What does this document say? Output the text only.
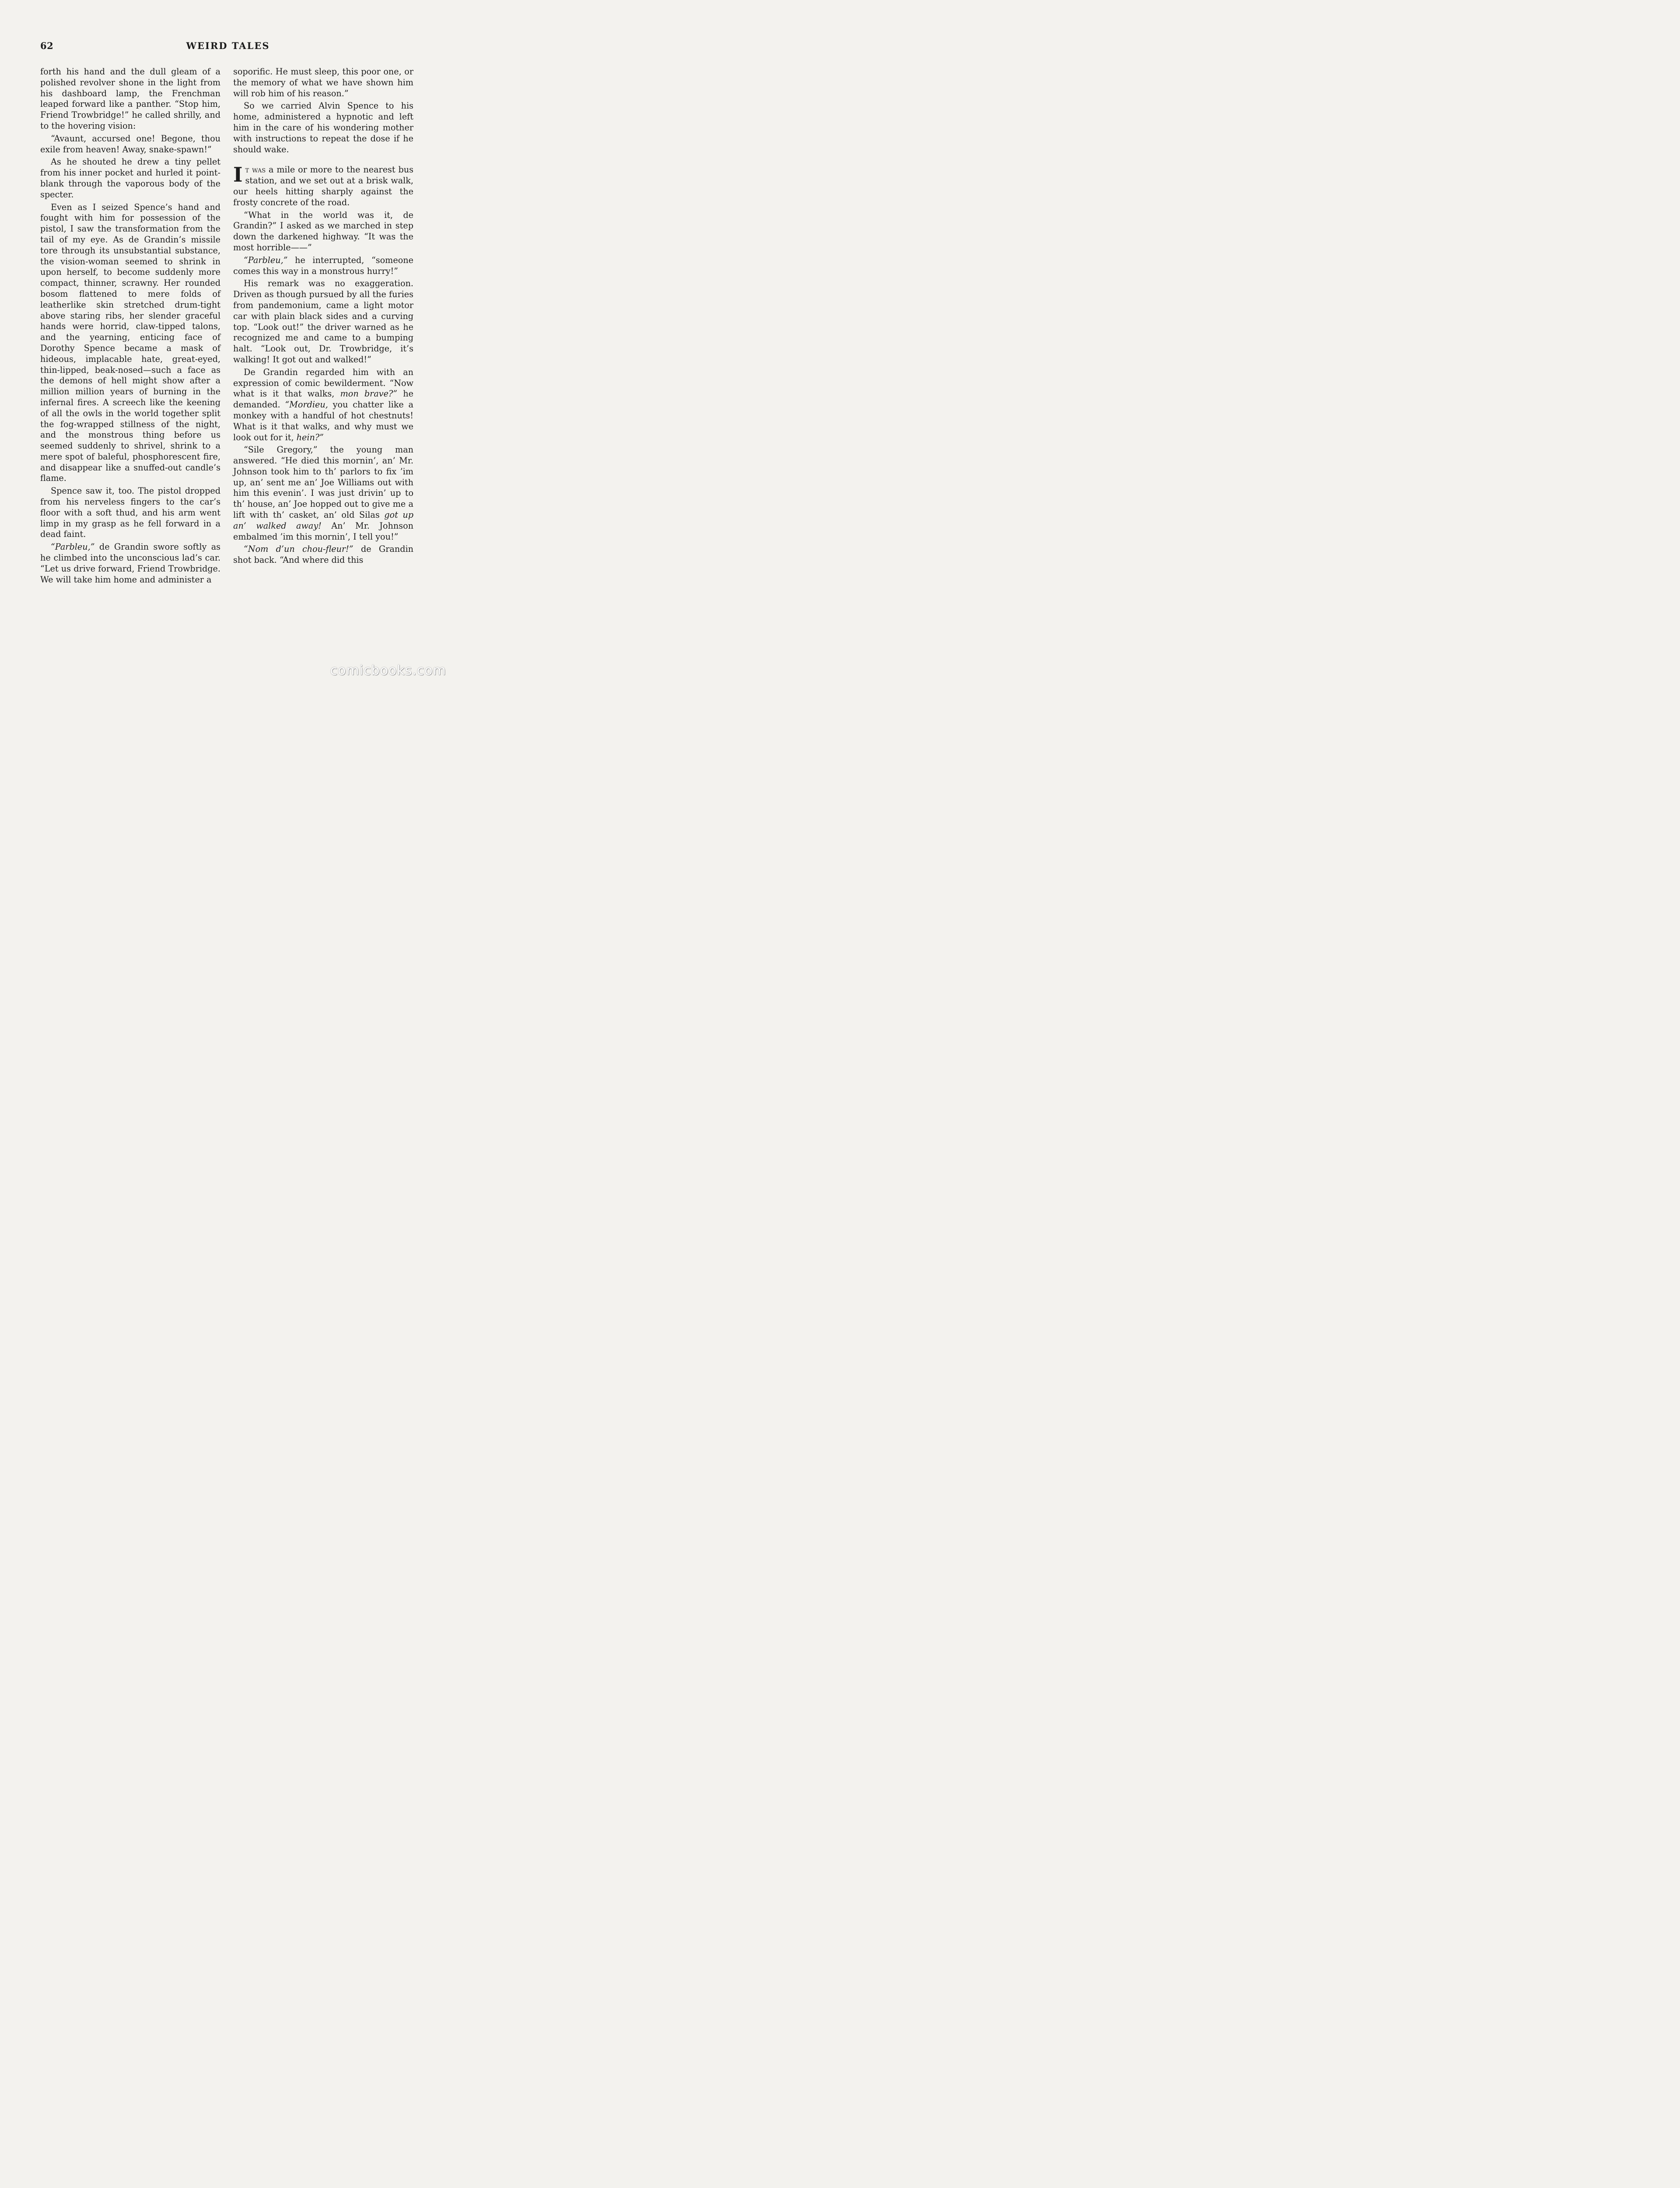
62	WEIRD TALES

forth his hand and the dull gleam of a polished revolver shone in the light from his dashboard lamp, the Frenchman leaped forward like a panther. “Stop him, Friend Trowbridge!” he called shrilly, and to the hovering vision:

“Avaunt, accursed one! Begone, thou exile from heaven! Away, snake-spawn!”

As he shouted he drew a tiny pellet from his inner pocket and hurled it point-blank through the vaporous body of the specter.

Even as I seized Spence’s hand and fought with him for possession of the pistol, I saw the transformation from the tail of my eye. As de Grandin’s missile tore through its unsubstantial substance, the vision-woman seemed to shrink in upon herself, to become suddenly more compact, thinner, scrawny. Her rounded bosom flattened to mere folds of leatherlike skin stretched drum-tight above staring ribs, her slender graceful hands were horrid, claw-tipped talons, and the yearning, enticing face of Dorothy Spence became a mask of hideous, implacable hate, great-eyed, thin-lipped, beak-nosed—such a face as the demons of hell might show after a million million years of burning in the infernal fires. A screech like the keening of all the owls in the world together split the fog-wrapped stillness of the night, and the monstrous thing before us seemed suddenly to shrivel, shrink to a mere spot of baleful, phosphorescent fire, and disappear like a snuffed-out candle’s flame.

Spence saw it, too. The pistol dropped from his nerveless fingers to the car’s floor with a soft thud, and his arm went limp in my grasp as he fell forward in a dead faint.

“Parbleu,” de Grandin swore softly as he climbed into the unconscious lad’s car. “Let us drive forward, Friend Trowbridge. We will take him home and administer a

soporific. He must sleep, this poor one, or the memory of what we have shown him will rob him of his reason.”

So we carried Alvin Spence to his home, administered a hypnotic and left him in the care of his wondering mother with instructions to repeat the dose if he should wake.

It was a mile or more to the nearest bus station, and we set out at a brisk walk, our heels hitting sharply against the frosty concrete of the road.

“What in the world was it, de Grandin?” I asked as we marched in step down the darkened highway. “It was the most horrible——”

“Parbleu,” he interrupted, “someone comes this way in a monstrous hurry!”

His remark was no exaggeration. Driven as though pursued by all the furies from pandemonium, came a light motor car with plain black sides and a curving top. “Look out!” the driver warned as he recognized me and came to a bumping halt. “Look out, Dr. Trowbridge, it’s walking! It got out and walked!”

De Grandin regarded him with an expression of comic bewilderment. “Now what is it that walks, mon brave?” he demanded. “Mordieu, you chatter like a monkey with a handful of hot chestnuts! What is it that walks, and why must we look out for it, hein?”

“Sile Gregory,” the young man answered. “He died this mornin’, an’ Mr. Johnson took him to th’ parlors to fix ’im up, an’ sent me an’ Joe Williams out with him this evenin’. I was just drivin’ up to th’ house, an’ Joe hopped out to give me a lift with th’ casket, an’ old Silas got up an’ walked away! An’ Mr. Johnson embalmed ’im this mornin’, I tell you!”

“Nom d’un chou-fleur!” de Grandin shot back. “And where did this

comicbooks.com
